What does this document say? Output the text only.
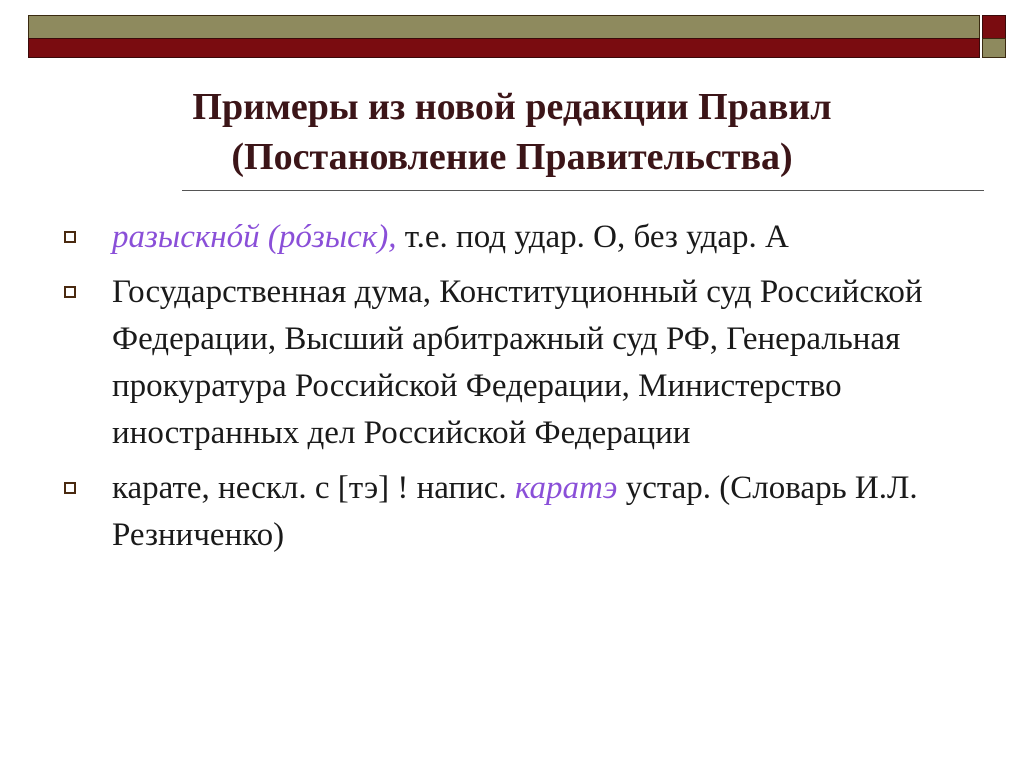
Примеры из новой редакции Правил
(Постановление Правительства)
разыскнóй (рóзыск), т.е. под удар. О, без удар. А
Государственная дума, Конституционный суд Российской Федерации, Высший арбитражный суд РФ, Генеральная прокуратура Российской Федерации, Министерство иностранных дел Российской Федерации
карате, нескл. с [тэ] ! напис. каратэ устар. (Словарь И.Л. Резниченко)
